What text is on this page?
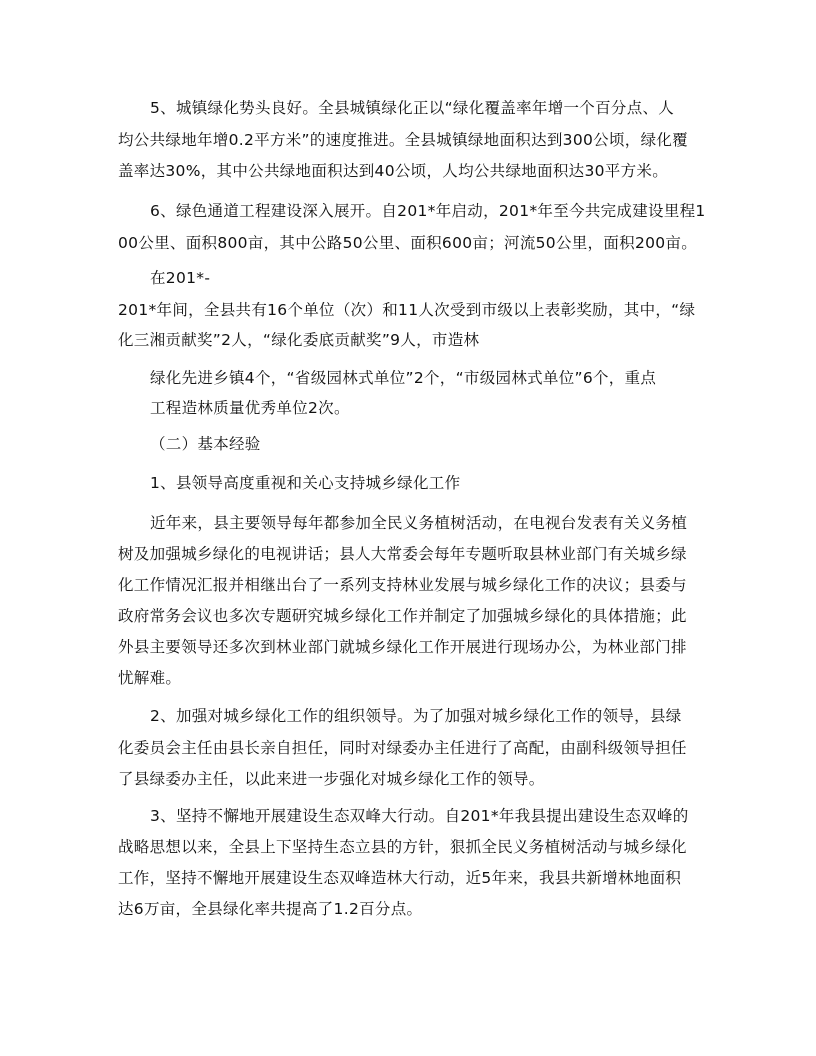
5、城镇绿化势头良好。全县城镇绿化正以“绿化覆盖率年增一个百分点、人
均公共绿地年增0.2平方米”的速度推进。全县城镇绿地面积达到300公顷，绿化覆
盖率达30%，其中公共绿地面积达到40公顷，人均公共绿地面积达30平方米。
6、绿色通道工程建设深入展开。自201*年启动，201*年至今共完成建设里程1
00公里、面积800亩，其中公路50公里、面积600亩；河流50公里，面积200亩。
在201*-
201*年间，全县共有16个单位（次）和11人次受到市级以上表彰奖励，其中，“绿
化三湘贡献奖”2人，“绿化委底贡献奖”9人，市造林
绿化先进乡镇4个，“省级园林式单位”2个，“市级园林式单位”6个，重点
工程造林质量优秀单位2次。
（二）基本经验
1、县领导高度重视和关心支持城乡绿化工作
近年来，县主要领导每年都参加全民义务植树活动，在电视台发表有关义务植
树及加强城乡绿化的电视讲话；县人大常委会每年专题听取县林业部门有关城乡绿
化工作情况汇报并相继出台了一系列支持林业发展与城乡绿化工作的决议；县委与
政府常务会议也多次专题研究城乡绿化工作并制定了加强城乡绿化的具体措施；此
外县主要领导还多次到林业部门就城乡绿化工作开展进行现场办公，为林业部门排
忧解难。
2、加强对城乡绿化工作的组织领导。为了加强对城乡绿化工作的领导，县绿
化委员会主任由县长亲自担任，同时对绿委办主任进行了高配，由副科级领导担任
了县绿委办主任，以此来进一步强化对城乡绿化工作的领导。
3、坚持不懈地开展建设生态双峰大行动。自201*年我县提出建设生态双峰的
战略思想以来，全县上下坚持生态立县的方针，狠抓全民义务植树活动与城乡绿化
工作，坚持不懈地开展建设生态双峰造林大行动，近5年来，我县共新增林地面积
达6万亩，全县绿化率共提高了1.2百分点。
